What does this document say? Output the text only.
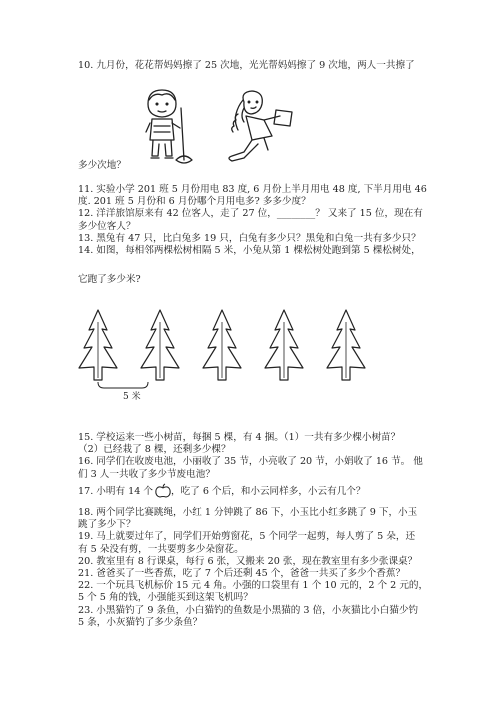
10. 九月份，花花帮妈妈擦了 25 次地，光光帮妈妈擦了 9 次地，两人一共擦了
多少次地？
11. 实验小学 201 班 5 月份用电 83 度, 6 月份上半月用电 48 度, 下半月用电 46
度. 201 班 5 月份和 6 月份哪个月用电多? 多多少度？
12. 洋洋旅馆原来有 42 位客人，走了 27 位，________？ 又来了 15 位，现在有
多少位客人？
13. 黑兔有 47 只，比白兔多 19 只，白兔有多少只？黑兔和白兔一共有多少只？
14. 如图，每相邻两棵松树相隔 5 米，小兔从第 1 棵松树处跑到第 5 棵松树处，
它跑了多少米?
5 米
15. 学校运来一些小树苗，每捆 5 棵，有 4 捆。（1）一共有多少棵小树苗？
（2）已经栽了 8 棵，还剩多少棵？
16. 同学们在收废电池，小丽收了 35 节，小亮收了 20 节，小娟收了 16 节。 他
们 3 人一共收了多少节废电池？
17. 小明有 14 个 ，吃了 6 个后，和小云同样多，小云有几个？
18. 两个同学比赛跳绳，小红 1 分钟跳了 86 下，小玉比小红多跳了 9 下，小玉
跳了多少下？
19. 马上就要过年了，同学们开始剪窗花，5 个同学一起剪，每人剪了 5 朵，还
有 5 朵没有剪，一共要剪多少朵窗花。
20. 教室里有 8 行课桌，每行 6 张，又搬来 20 张，现在教室里有多少张课桌？
21. 爸爸买了一些香蕉，吃了 7 个后还剩 45 个，爸爸一共买了多少个香蕉？
22. 一个玩具飞机标价 15 元 4 角。小强的口袋里有 1 个 10 元的，2 个 2 元的，
5 个 5 角的钱，小强能买到这架飞机吗？
23. 小黑猫钓了 9 条鱼，小白猫钓的鱼数是小黑猫的 3 倍，小灰猫比小白猫少钓
5 条，小灰猫钓了多少条鱼？
